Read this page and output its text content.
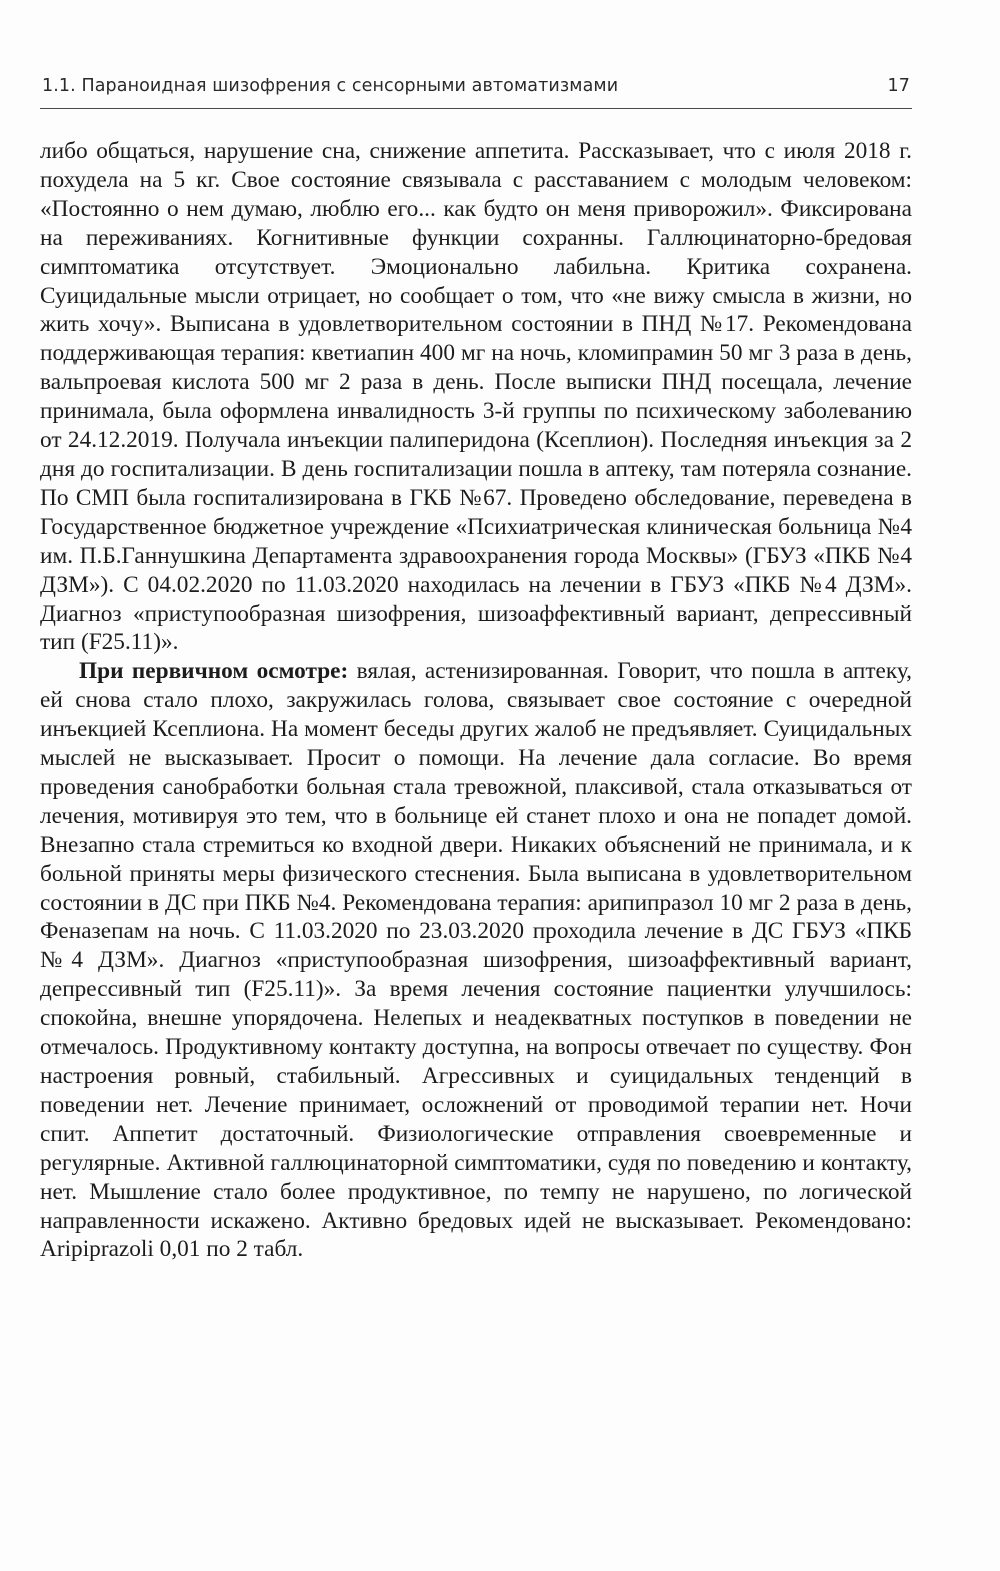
1.1. Параноидная шизофрения с сенсорными автоматизмами	17

либо общаться, нарушение сна, снижение аппетита. Рассказывает, что с июля 2018 г. похудела на 5 кг. Свое состояние связывала с расставанием с молодым человеком: «Постоянно о нем думаю, люблю его... как будто он меня приворожил». Фиксирована на переживаниях. Когнитивные функции сохранны. Галлюцинаторно-бредовая симптоматика отсутствует. Эмоционально лабильна. Критика сохранена. Суицидальные мысли отрицает, но сообщает о том, что «не вижу смысла в жизни, но жить хочу». Выписана в удовлетворительном состоянии в ПНД №17. Рекомендована поддерживающая терапия: кветиапин 400 мг на ночь, кломипрамин 50 мг 3 раза в день, вальпроевая кислота 500 мг 2 раза в день. После выписки ПНД посещала, лечение принимала, была оформлена инвалидность 3-й группы по психическому заболеванию от 24.12.2019. Получала инъекции палиперидона (Ксеплион). Последняя инъекция за 2 дня до госпитализации. В день госпитализации пошла в аптеку, там потеряла сознание. По СМП была госпитализирована в ГКБ №67. Проведено обследование, переведена в Государственное бюджетное учреждение «Психиатрическая клиническая больница №4 им. П.Б.Ганнушкина Департамента здравоохранения города Москвы» (ГБУЗ «ПКБ №4 ДЗМ»). С 04.02.2020 по 11.03.2020 находилась на лечении в ГБУЗ «ПКБ №4 ДЗМ». Диагноз «приступообразная шизофрения, шизоаффективный вариант, депрессивный тип (F25.11)».

При первичном осмотре: вялая, астенизированная. Говорит, что пошла в аптеку, ей снова стало плохо, закружилась голова, связывает свое состояние с очередной инъекцией Ксеплиона. На момент беседы других жалоб не предъявляет. Суицидальных мыслей не высказывает. Просит о помощи. На лечение дала согласие. Во время проведения санобработки больная стала тревожной, плаксивой, стала отказываться от лечения, мотивируя это тем, что в больнице ей станет плохо и она не попадет домой. Внезапно стала стремиться ко входной двери. Никаких объяснений не принимала, и к больной приняты меры физического стеснения. Была выписана в удовлетворительном состоянии в ДС при ПКБ №4. Рекомендована терапия: арипипразол 10 мг 2 раза в день, Феназепам на ночь. С 11.03.2020 по 23.03.2020 проходила лечение в ДС ГБУЗ «ПКБ №4 ДЗМ». Диагноз «приступообразная шизофрения, шизоаффективный вариант, депрессивный тип (F25.11)». За время лечения состояние пациентки улучшилось: спокойна, внешне упорядочена. Нелепых и неадекватных поступков в поведении не отмечалось. Продуктивному контакту доступна, на вопросы отвечает по существу. Фон настроения ровный, стабильный. Агрессивных и суицидальных тенденций в поведении нет. Лечение принимает, осложнений от проводимой терапии нет. Ночи спит. Аппетит достаточный. Физиологические отправления своевременные и регулярные. Активной галлюцинаторной симптоматики, судя по поведению и контакту, нет. Мышление стало более продуктивное, по темпу не нарушено, по логической направленности искажено. Активно бредовых идей не высказывает. Рекомендовано: Aripiprazoli 0,01 по 2 табл.
